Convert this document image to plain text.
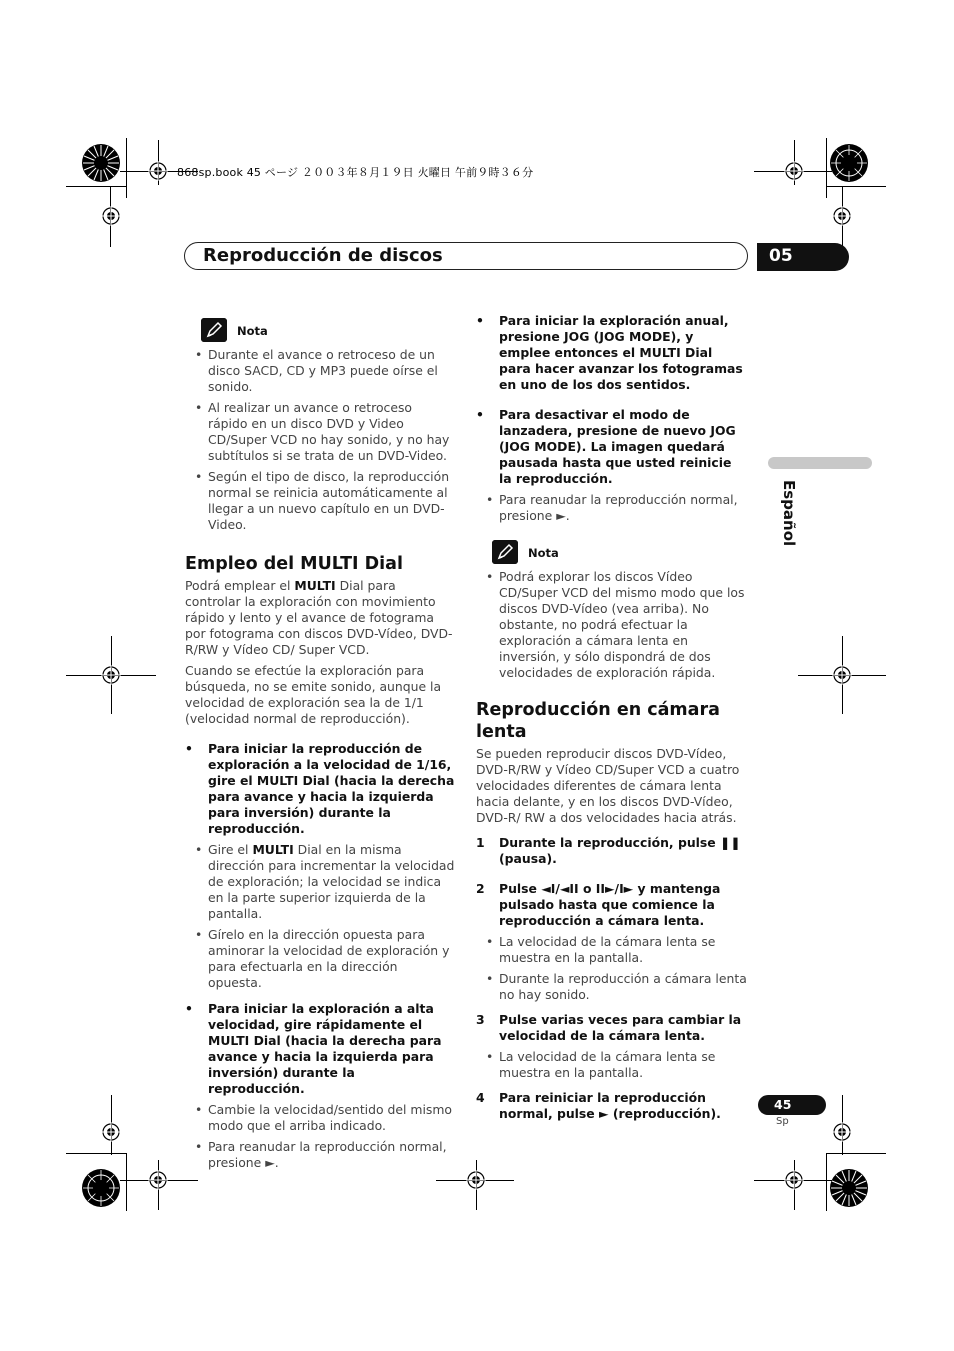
868sp.book 45 ページ ２００３年８月１９日 火曜日 午前９時３６分
Reproducción de discos	05
Español
Nota
• Durante el avance o retroceso de un disco SACD, CD y MP3 puede oírse el sonido.
• Al realizar un avance o retroceso rápido en un disco DVD y Video CD/Super VCD no hay sonido, y no hay subtítulos si se trata de un DVD-Video.
• Según el tipo de disco, la reproducción normal se reinicia automáticamente al llegar a un nuevo capítulo en un DVD-Video.
Empleo del MULTI Dial

Podrá emplear el MULTI Dial para controlar la exploración con movimiento rápido y lento y el avance de fotograma por fotograma con discos DVD-Vídeo, DVD-R/RW y Vídeo CD/ Super VCD.

Cuando se efectúe la exploración para búsqueda, no se emite sonido, aunque la velocidad de exploración sea la de 1/1 (velocidad normal de reproducción).

• Para iniciar la reproducción de exploración a la velocidad de 1/16, gire el MULTI Dial (hacia la derecha para avance y hacia la izquierda para inversión) durante la reproducción.

• Gire el MULTI Dial en la misma dirección para incrementar la velocidad de exploración; la velocidad se indica en la parte superior izquierda de la pantalla.
• Gírelo en la dirección opuesta para aminorar la velocidad de exploración y para efectuarla en la dirección opuesta.

• Para iniciar la exploración a alta velocidad, gire rápidamente el MULTI Dial (hacia la derecha para avance y hacia la izquierda para inversión) durante la reproducción.

• Cambie la velocidad/sentido del mismo modo que el arriba indicado.
• Para reanudar la reproducción normal, presione ►.

• Para iniciar la exploración anual, presione JOG (JOG MODE), y emplee entonces el MULTI Dial para hacer avanzar los fotogramas en uno de los dos sentidos.

• Para desactivar el modo de lanzadera, presione de nuevo JOG (JOG MODE). La imagen quedará pausada hasta que usted reinicie la reproducción.

• Para reanudar la reproducción normal, presione ►.
Nota
• Podrá explorar los discos Vídeo CD/Super VCD del mismo modo que los discos DVD-Vídeo (vea arriba). No obstante, no podrá efectuar la exploración a cámara lenta en inversión, y sólo dispondrá de dos velocidades de exploración rápida.
Reproducción en cámara lenta

Se pueden reproducir discos DVD-Vídeo, DVD-R/RW y Vídeo CD/Super VCD a cuatro velocidades diferentes de cámara lenta hacia delante, y en los discos DVD-Vídeo, DVD-R/ RW a dos velocidades hacia atrás.

1 Durante la reproducción, pulse ❚❚ (pausa).

2 Pulse ◄I/◄II o II►/I► y mantenga pulsado hasta que comience la reproducción a cámara lenta.

• La velocidad de la cámara lenta se muestra en la pantalla.
• Durante la reproducción a cámara lenta no hay sonido.

3 Pulse varias veces para cambiar la velocidad de la cámara lenta.

• La velocidad de la cámara lenta se muestra en la pantalla.

4 Para reiniciar la reproducción normal, pulse ► (reproducción).

45
Sp
